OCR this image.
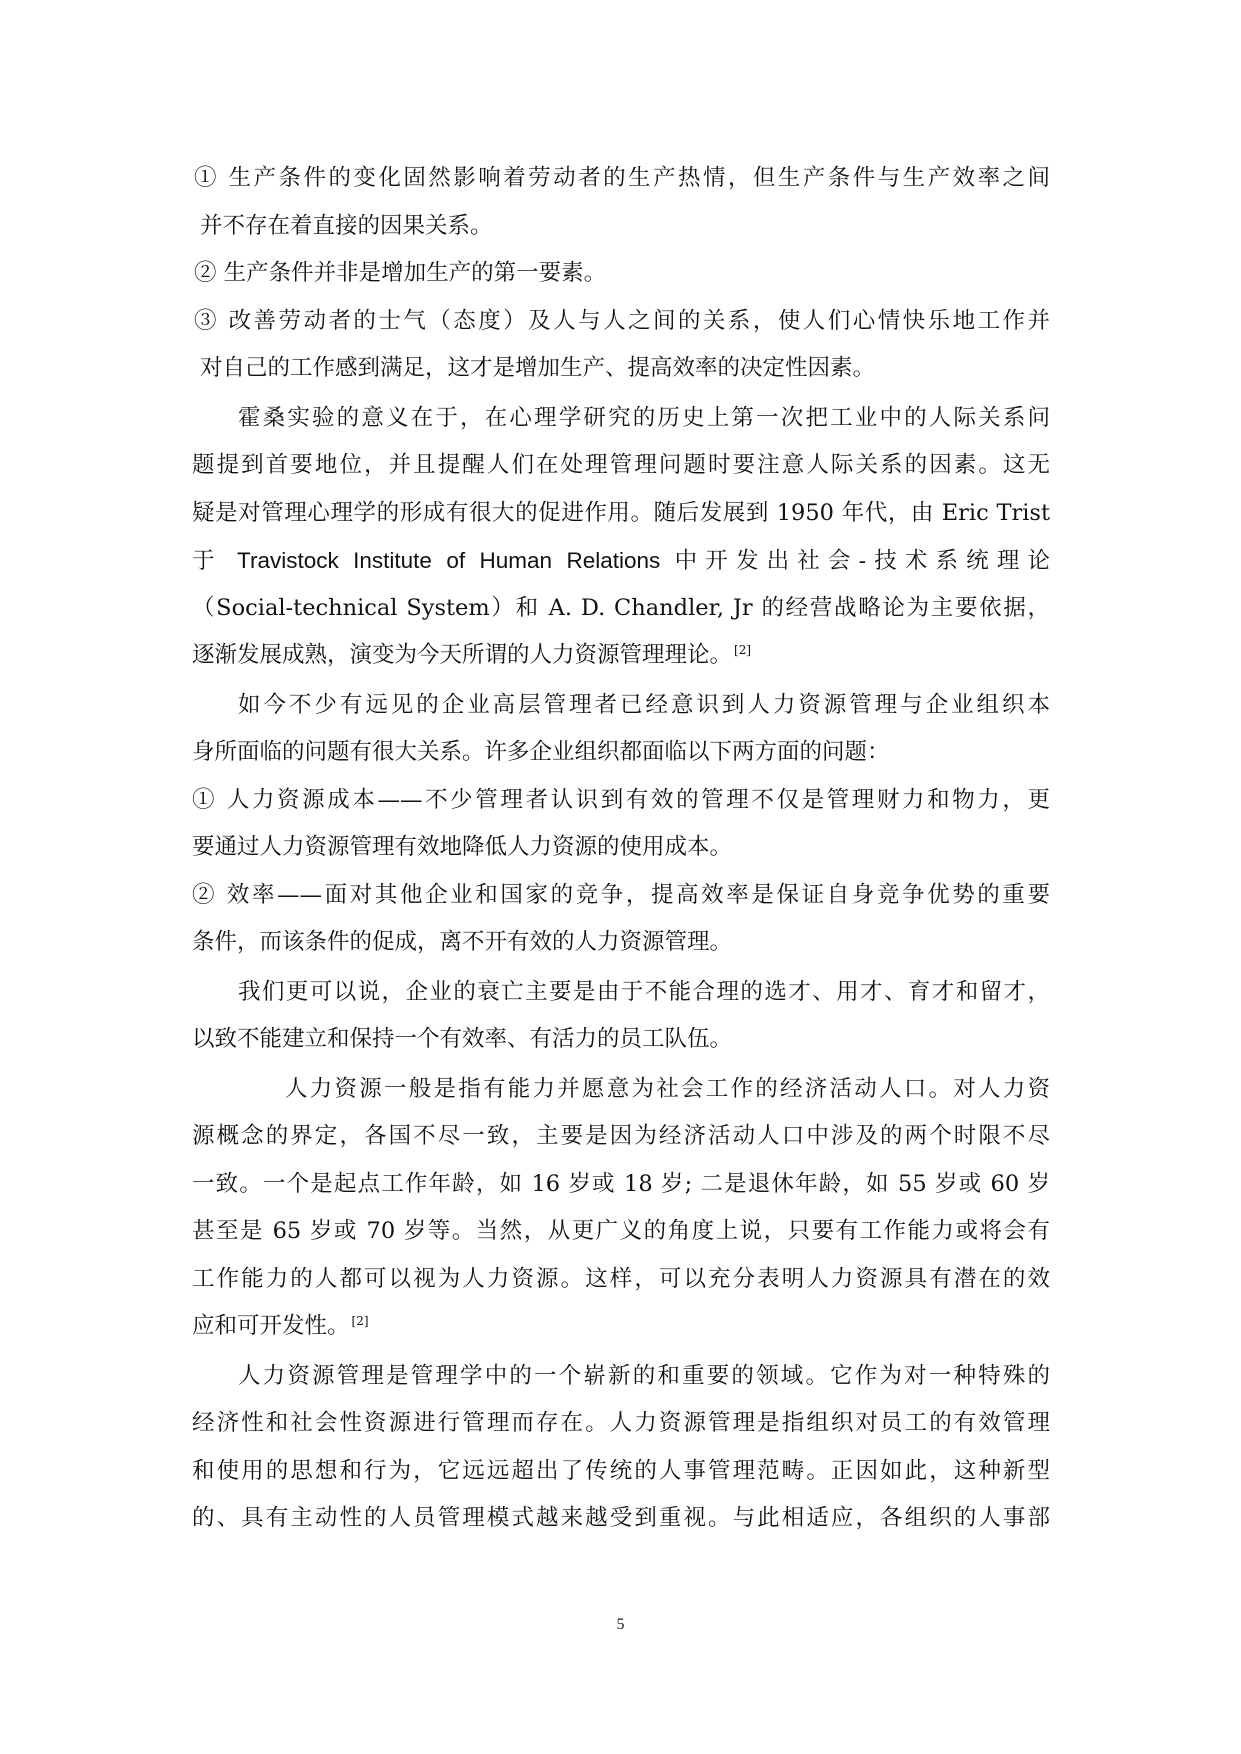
① 生产条件的变化固然影响着劳动者的生产热情，但生产条件与生产效率之间
并不存在着直接的因果关系。
② 生产条件并非是增加生产的第一要素。
③ 改善劳动者的士气（态度）及人与人之间的关系，使人们心情快乐地工作并
对自己的工作感到满足，这才是增加生产、提高效率的决定性因素。
霍桑实验的意义在于，在心理学研究的历史上第一次把工业中的人际关系问
题提到首要地位，并且提醒人们在处理管理问题时要注意人际关系的因素。这无
疑是对管理心理学的形成有很大的促进作用。随后发展到 1950 年代，由 Eric Trist
于 Travistock Institute of Human Relations 中开发出社会-技术系统理论
（Social-technical System）和 A. D. Chandler, Jr 的经营战略论为主要依据，
逐渐发展成熟，演变为今天所谓的人力资源管理理论。 [2]
如今不少有远见的企业高层管理者已经意识到人力资源管理与企业组织本
身所面临的问题有很大关系。许多企业组织都面临以下两方面的问题：
① 人力资源成本——不少管理者认识到有效的管理不仅是管理财力和物力，更
要通过人力资源管理有效地降低人力资源的使用成本。
② 效率——面对其他企业和国家的竞争，提高效率是保证自身竞争优势的重要
条件，而该条件的促成，离不开有效的人力资源管理。
我们更可以说，企业的衰亡主要是由于不能合理的选才、用才、育才和留才，
以致不能建立和保持一个有效率、有活力的员工队伍。
人力资源一般是指有能力并愿意为社会工作的经济活动人口。对人力资
源概念的界定，各国不尽一致，主要是因为经济活动人口中涉及的两个时限不尽
一致。一个是起点工作年龄，如 16 岁或 18 岁; 二是退休年龄，如 55 岁或 60 岁
甚至是 65 岁或 70 岁等。当然，从更广义的角度上说，只要有工作能力或将会有
工作能力的人都可以视为人力资源。这样，可以充分表明人力资源具有潜在的效
应和可开发性。 [2]
人力资源管理是管理学中的一个崭新的和重要的领域。它作为对一种特殊的
经济性和社会性资源进行管理而存在。人力资源管理是指组织对员工的有效管理
和使用的思想和行为，它远远超出了传统的人事管理范畴。正因如此，这种新型
的、具有主动性的人员管理模式越来越受到重视。与此相适应，各组织的人事部
5
